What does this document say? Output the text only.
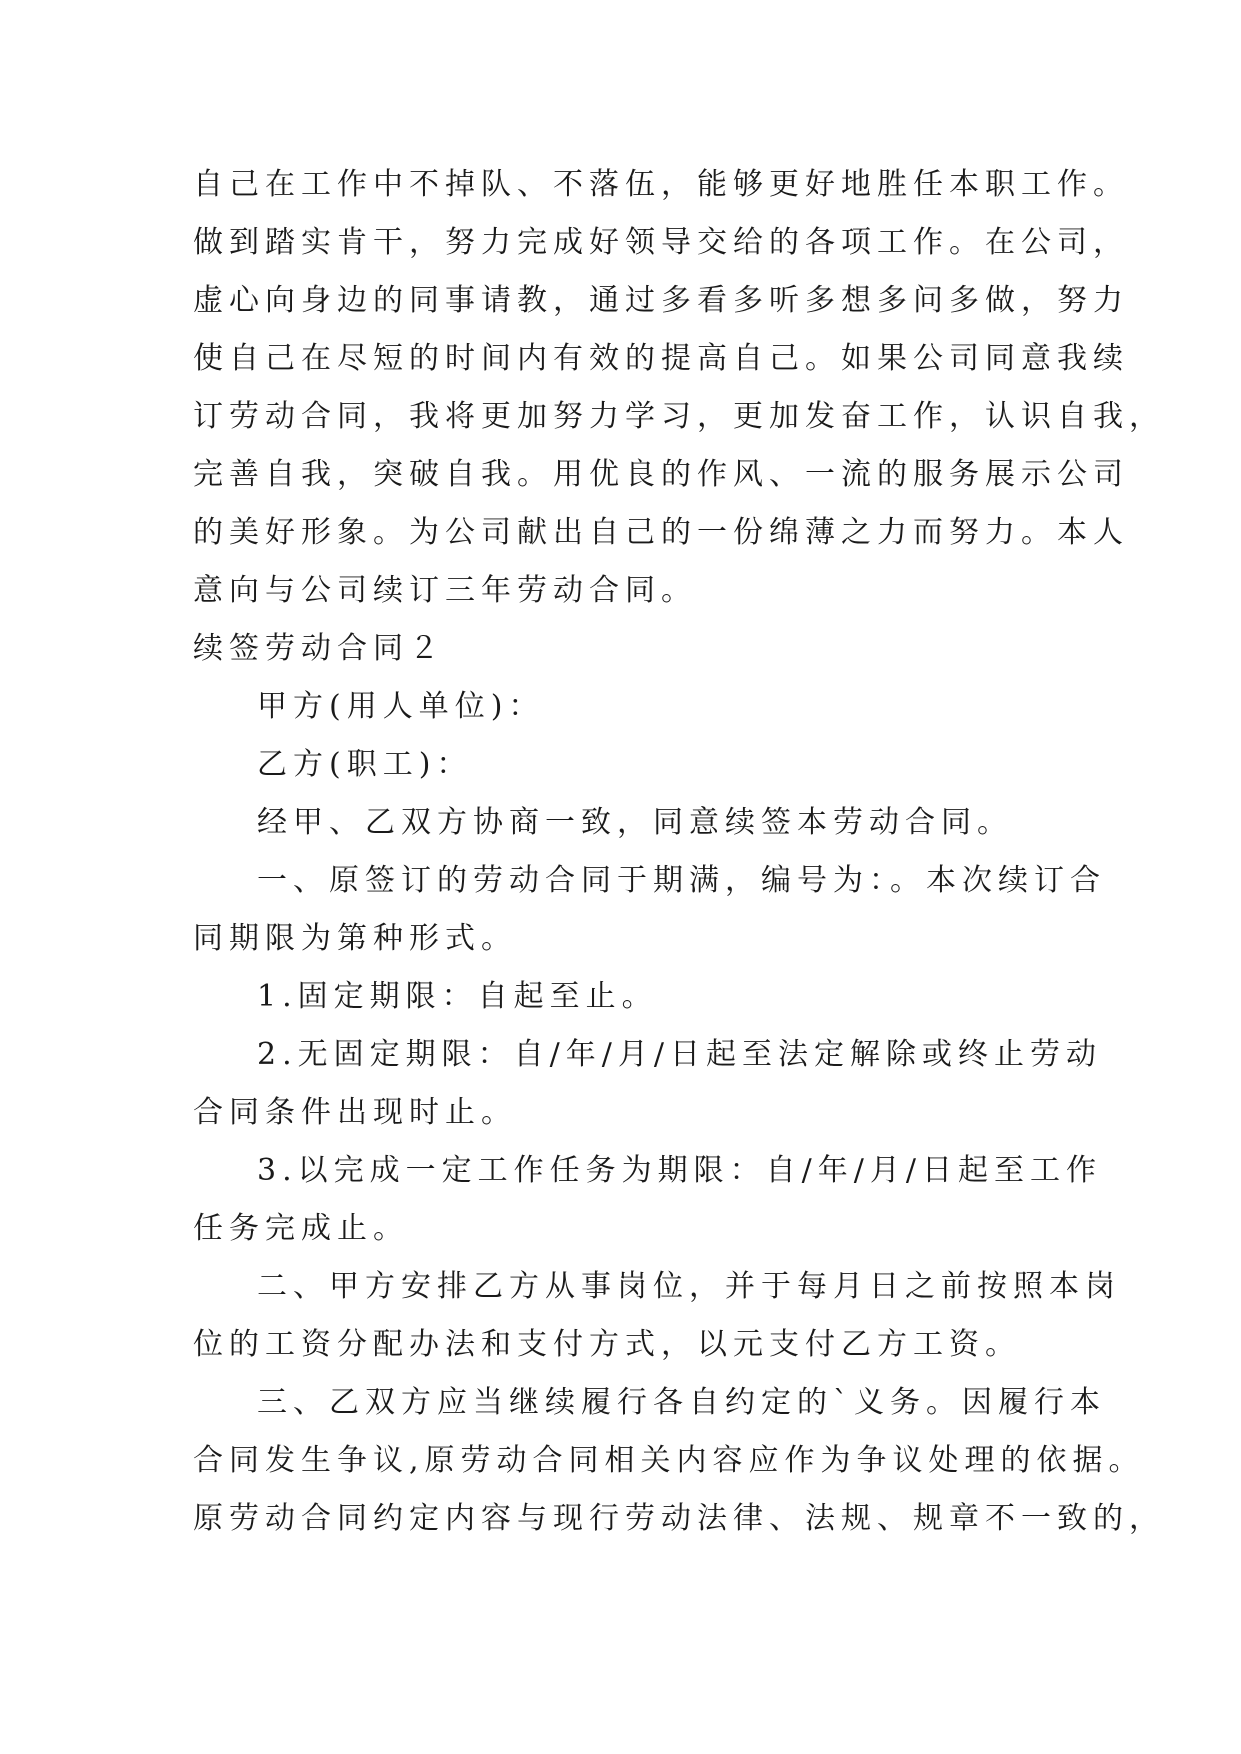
自己在工作中不掉队、不落伍，能够更好地胜任本职工作。

做到踏实肯干，努力完成好领导交给的各项工作。在公司，

虚心向身边的同事请教，通过多看多听多想多问多做，努力

使自己在尽短的时间内有效的提高自己。如果公司同意我续

订劳动合同，我将更加努力学习，更加发奋工作，认识自我，

完善自我，突破自我。用优良的作风、一流的服务展示公司

的美好形象。为公司献出自己的一份绵薄之力而努力。本人

意向与公司续订三年劳动合同。

续签劳动合同２

甲方(用人单位)：

乙方(职工)：

经甲、乙双方协商一致，同意续签本劳动合同。

一、原签订的劳动合同于期满，编号为：。本次续订合

同期限为第种形式。

1.固定期限：自起至止。

2.无固定期限：自/年/月/日起至法定解除或终止劳动

合同条件出现时止。

3.以完成一定工作任务为期限：自/年/月/日起至工作

任务完成止。

二、甲方安排乙方从事岗位，并于每月日之前按照本岗

位的工资分配办法和支付方式，以元支付乙方工资。

三、乙双方应当继续履行各自约定的`义务。因履行本

合同发生争议,原劳动合同相关内容应作为争议处理的依据。

原劳动合同约定内容与现行劳动法律、法规、规章不一致的，
